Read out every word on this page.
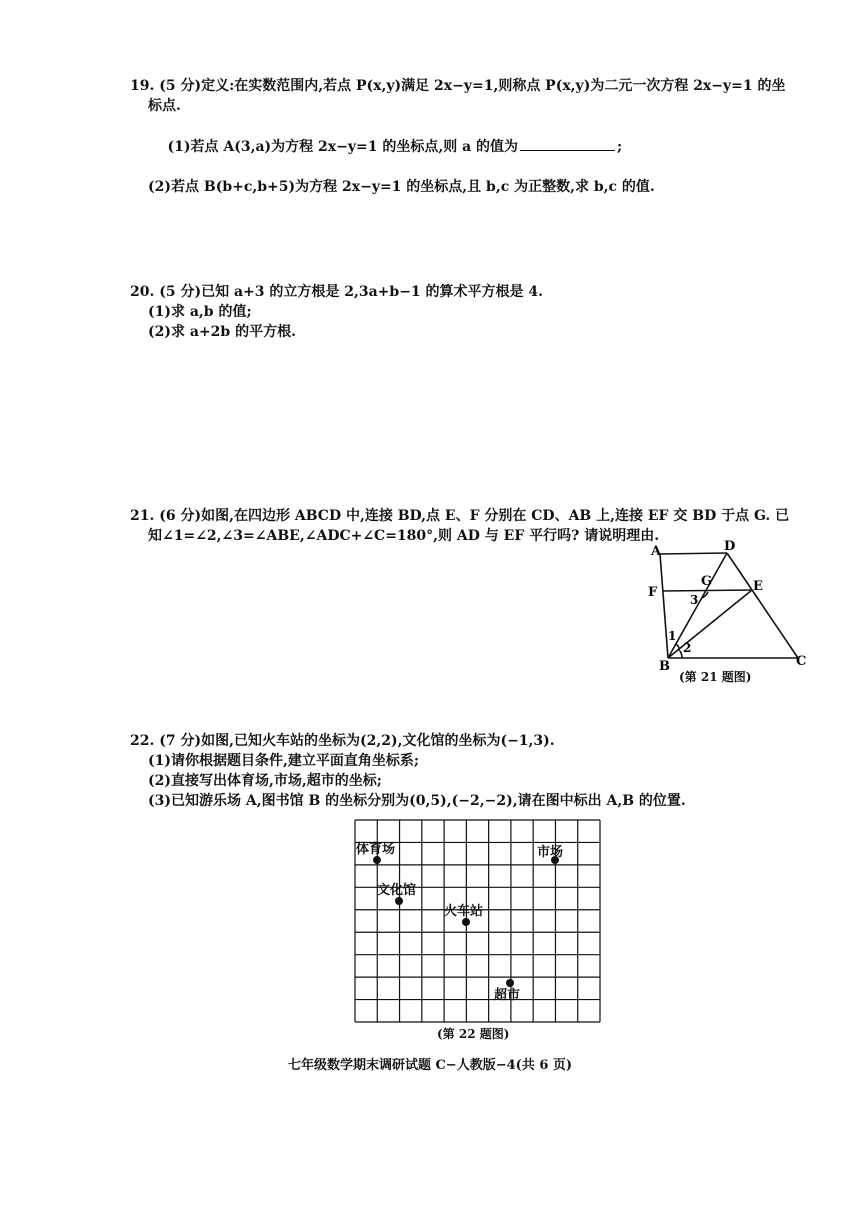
19. (5 分)定义:在实数范围内,若点 P(x,y)满足 2x−y=1,则称点 P(x,y)为二元一次方程 2x−y=1 的坐
标点.

(1)若点 A(3,a)为方程 2x−y=1 的坐标点,则 a 的值为	;

(2)若点 B(b+c,b+5)为方程 2x−y=1 的坐标点,且 b,c 为正整数,求 b,c 的值.
20. (5 分)已知 a+3 的立方根是 2,3a+b−1 的算术平方根是 4.
(1)求 a,b 的值;
(2)求 a+2b 的平方根.
21. (6 分)如图,在四边形 ABCD 中,连接 BD,点 E、F 分别在 CD、AB 上,连接 EF 交 BD 于点 G. 已
知∠1=∠2,∠3=∠ABE,∠ADC+∠C=180°,则 AD 与 EF 平行吗? 请说明理由.
A	D
G	E
F	3
1
2
B	C
(第 21 题图)
22. (7 分)如图,已知火车站的坐标为(2,2),文化馆的坐标为(−1,3).
(1)请你根据题目条件,建立平面直角坐标系;
(2)直接写出体育场,市场,超市的坐标;
(3)已知游乐场 A,图书馆 B 的坐标分别为(0,5),(−2,−2),请在图中标出 A,B 的位置.
体育场	市场
文化馆
火车站
超市
(第 22 题图)
七年级数学期末调研试题 C−人教版−4(共 6 页)
